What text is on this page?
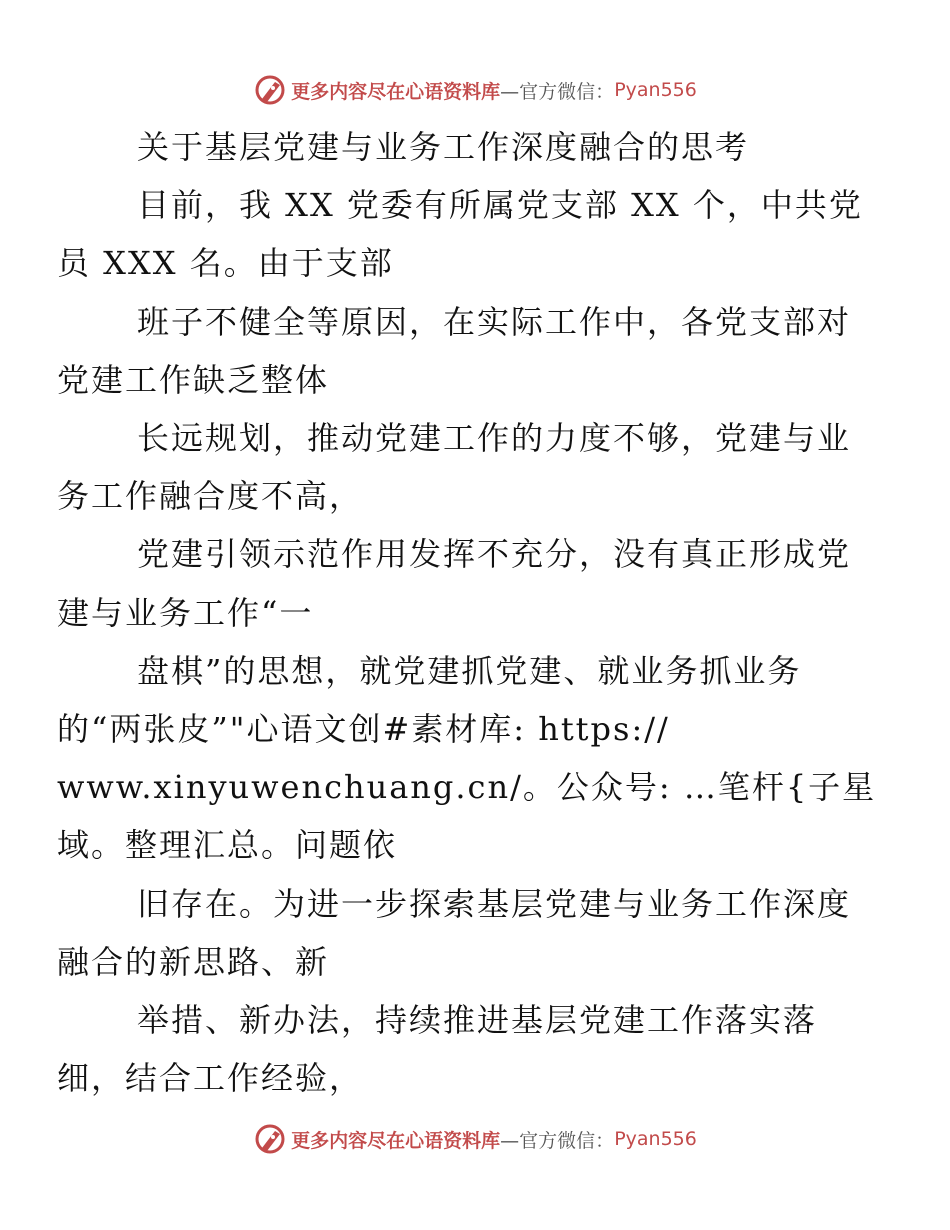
更多内容尽在心语资料库 —官方微信： Pyan556

关于基层党建与业务工作深度融合的思考

目前，我 XX 党委有所属党支部 XX 个，中共党
员 XXX 名。由于支部

班子不健全等原因，在实际工作中，各党支部对
党建工作缺乏整体

长远规划，推动党建工作的力度不够，党建与业
务工作融合度不高，

党建引领示范作用发挥不充分，没有真正形成党
建与业务工作“一

盘棋”的思想，就党建抓党建、就业务抓业务
的“两张皮”"心语文创#素材库: https://
www.xinyuwenchuang.cn/。公众号: …笔杆{子星
域。整理汇总。问题依

旧存在。为进一步探索基层党建与业务工作深度
融合的新思路、新

举措、新办法，持续推进基层党建工作落实落
细，结合工作经验，

更多内容尽在心语资料库 —官方微信： Pyan556
